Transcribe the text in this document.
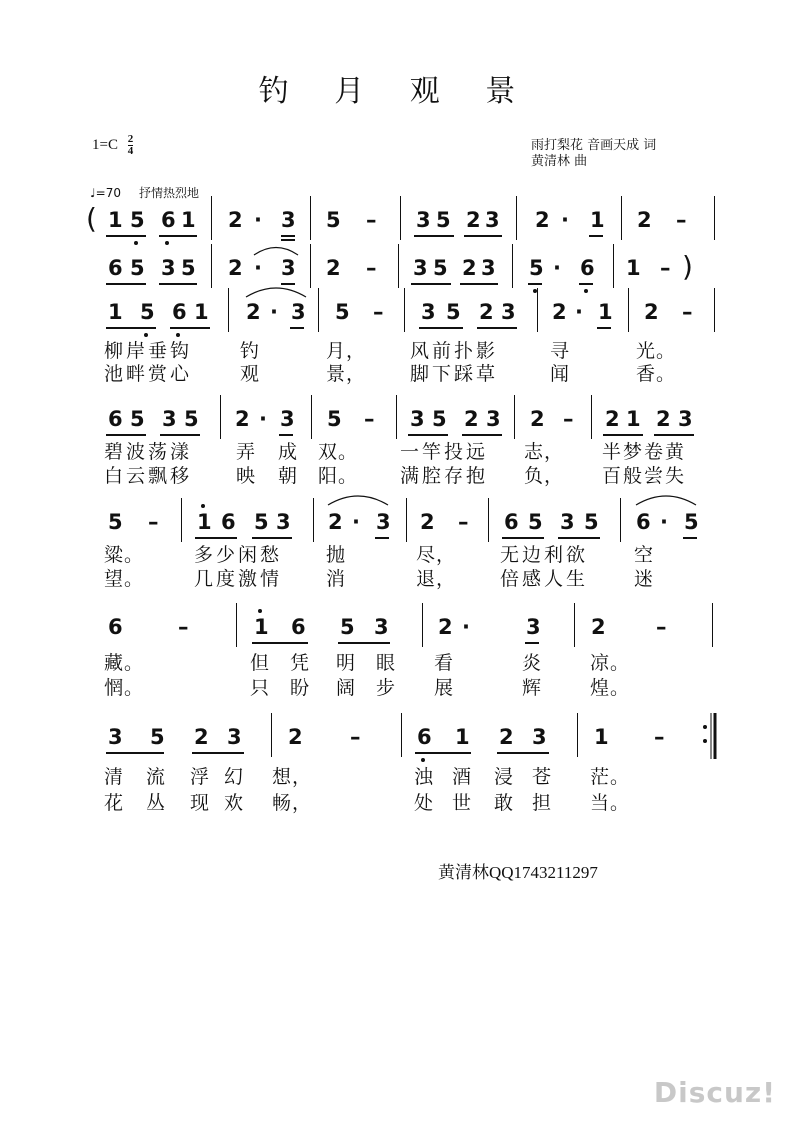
钓 月 观 景
$1=C \frac{2}{4}$	雨打梨花 音画天成 词
黄清林 曲
♩=70 抒情热烈地
( 1 5 6 1 2 · 3 5 – 3 5 2 3 2 · 1 2 –
6 5 3 5 2 · 3 2 – 3 5 2 3 5 · 6 1 – )
1 5 6 1 2 · 3 5 – 3 5 2 3 2 · 1 2 –
柳岸垂钩	钓	月， 风前扑影	寻	光。
池畔赏心	观	景， 脚下踩草	闻	香。
6 5 3 5 2 · 3 5 – 3 5 2 3 2 – 2 1 2 3
碧波荡漾 弄 成 双。 一竿投远 志， 半梦卷黄
白云飘移 映 朝 阳。 满腔存抱 负， 百般尝失
5 – 1 6 5 3 2 · 3 2 – 6 5 3 5 6 · 5
粱。	多少闲愁 抛	尽， 无边利欲 空
望。	几度激情 消	退， 倍感人生 迷
6	–	1 6 5 3 2 ·	3 2 –
藏。	但 凭 明 眼 看	炎	凉。
惘。	只 盼 阔 步 展	辉	煌。
3 5 2 3 2 –	6 1 2 3 1 –
清 流 浮 幻 想，	浊 酒 浸 苍 茫。
花 丛 现 欢 畅，	处 世 敢 担 当。
黄清林QQ1743211297
Discuz!
